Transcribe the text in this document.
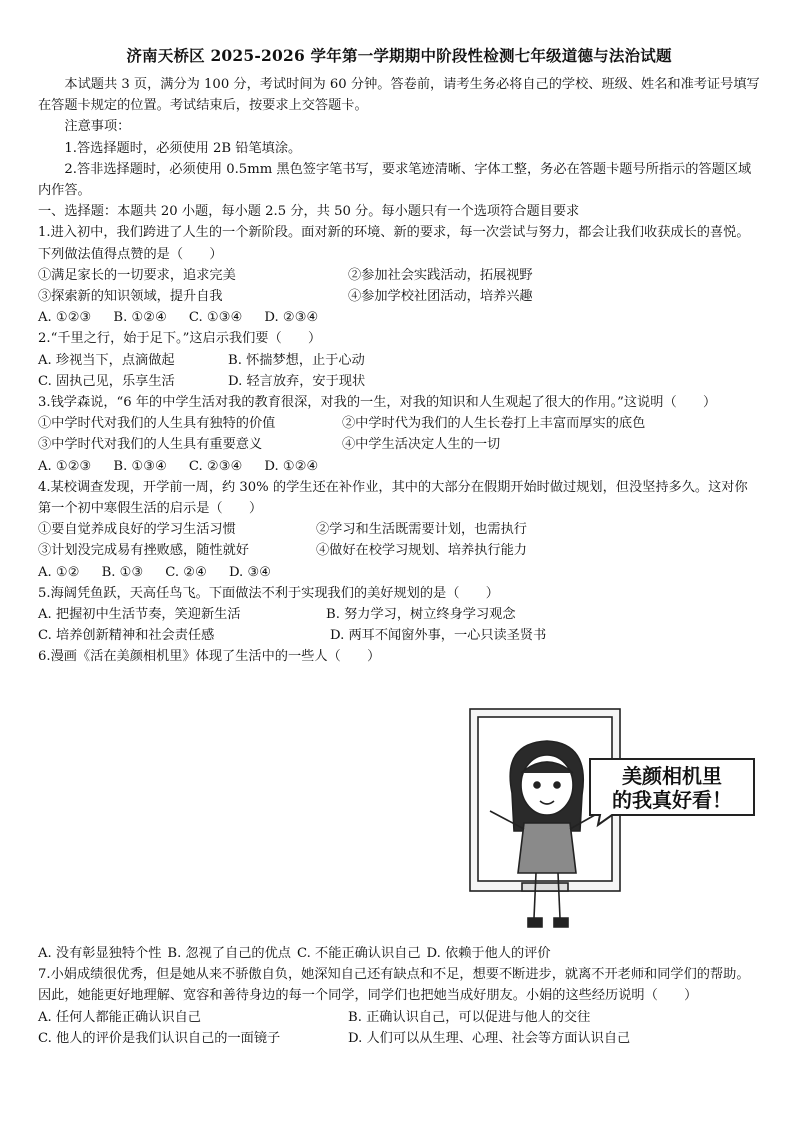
济南天桥区 2025-2026 学年第一学期期中阶段性检测七年级道德与法治试题

本试题共 3 页，满分为 100 分，考试时间为 60 分钟。答卷前，请考生务必将自己的学校、班级、姓名和准考证号填写在答题卡规定的位置。考试结束后，按要求上交答题卡。

注意事项：

1.答选择题时，必须使用 2B 铅笔填涂。

2.答非选择题时，必须使用 0.5mm 黑色签字笔书写，要求笔迹清晰、字体工整，务必在答题卡题号所指示的答题区域内作答。

一、选择题：本题共 20 小题，每小题 2.5 分，共 50 分。每小题只有一个选项符合题目要求

1.进入初中，我们跨进了人生的一个新阶段。面对新的环境、新的要求，每一次尝试与努力，都会让我们收获成长的喜悦。下列做法值得点赞的是（　　）

①满足家长的一切要求，追求完美	②参加社会实践活动，拓展视野
③探索新的知识领域，提升自我	④参加学校社团活动，培养兴趣

A. ①②③ B. ①②④ C. ①③④ D. ②③④

2.“千里之行，始于足下。”这启示我们要（　　）

A. 珍视当下，点滴做起	B. 怀揣梦想，止于心动
C. 固执己见，乐享生活	D. 轻言放弃，安于现状

3.钱学森说，“6 年的中学生活对我的教育很深，对我的一生，对我的知识和人生观起了很大的作用。”这说明（　　）

①中学时代对我们的人生具有独特的价值	②中学时代为我们的人生长卷打上丰富而厚实的底色
③中学时代对我们的人生具有重要意义	④中学生活决定人生的一切

A. ①②③ B. ①③④ C. ②③④ D. ①②④

4.某校调查发现，开学前一周，约 30% 的学生还在补作业，其中的大部分在假期开始时做过规划，但没坚持多久。这对你第一个初中寒假生活的启示是（　　）

①要自觉养成良好的学习生活习惯	②学习和生活既需要计划，也需执行
③计划没完成易有挫败感，随性就好	④做好在校学习规划、培养执行能力

A. ①② B. ①③ C. ②④ D. ③④

5.海阔凭鱼跃，天高任鸟飞。下面做法不利于实现我们的美好规划的是（　　）

A. 把握初中生活节奏，笑迎新生活	B. 努力学习，树立终身学习观念
C. 培养创新精神和社会责任感	D. 两耳不闻窗外事，一心只读圣贤书

6.漫画《活在美颜相机里》体现了生活中的一些人（　　）

美颜相机里
的我真好看！

A. 没有彰显独特个性 B. 忽视了自己的优点 C. 不能正确认识自己 D. 依赖于他人的评价

7.小娟成绩很优秀，但是她从来不骄傲自负，她深知自己还有缺点和不足，想要不断进步，就离不开老师和同学们的帮助。因此，她能更好地理解、宽容和善待身边的每一个同学，同学们也把她当成好朋友。小娟的这些经历说明（　　）

A. 任何人都能正确认识自己	B. 正确认识自己，可以促进与他人的交往
C. 他人的评价是我们认识自己的一面镜子	D. 人们可以从生理、心理、社会等方面认识自己
